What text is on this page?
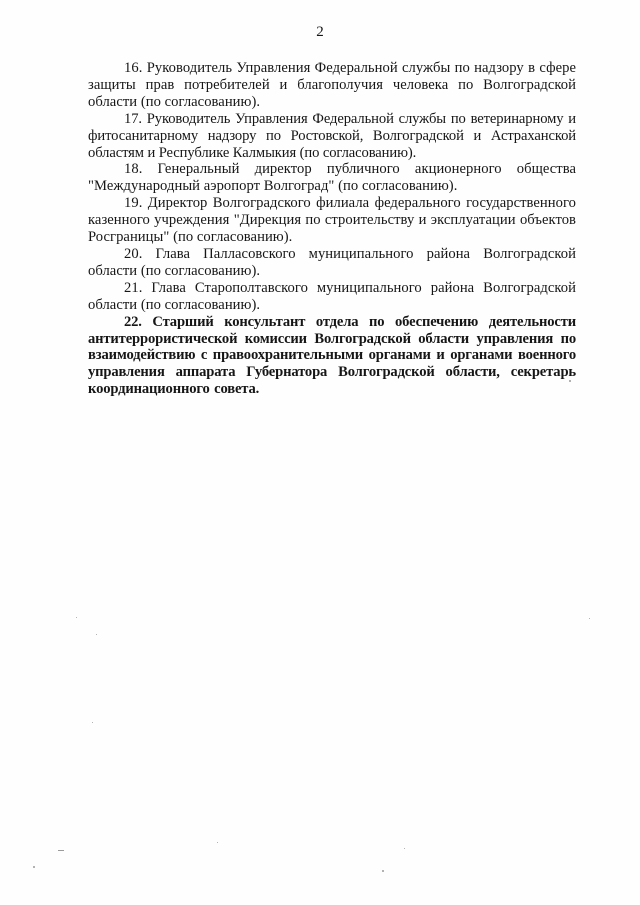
2

16. Руководитель Управления Федеральной службы по надзору в сфере защиты прав потребителей и благополучия человека по Волгоградской области (по согласованию).

17. Руководитель Управления Федеральной службы по ветеринарному и фитосанитарному надзору по Ростовской, Волгоградской и Астраханской областям и Республике Калмыкия (по согласованию).

18. Генеральный директор публичного акционерного общества "Международный аэропорт Волгоград" (по согласованию).

19. Директор Волгоградского филиала федерального государственного казенного учреждения "Дирекция по строительству и эксплуатации объектов Росграницы" (по согласованию).

20. Глава Палласовского муниципального района Волгоградской области (по согласованию).

21. Глава Старополтавского муниципального района Волгоградской области (по согласованию).

22. Старший консультант отдела по обеспечению деятельности антитеррористической комиссии Волгоградской области управления по взаимодействию с правоохранительными органами и органами военного управления аппарата Губернатора Волгоградской области, секретарь координационного совета.
